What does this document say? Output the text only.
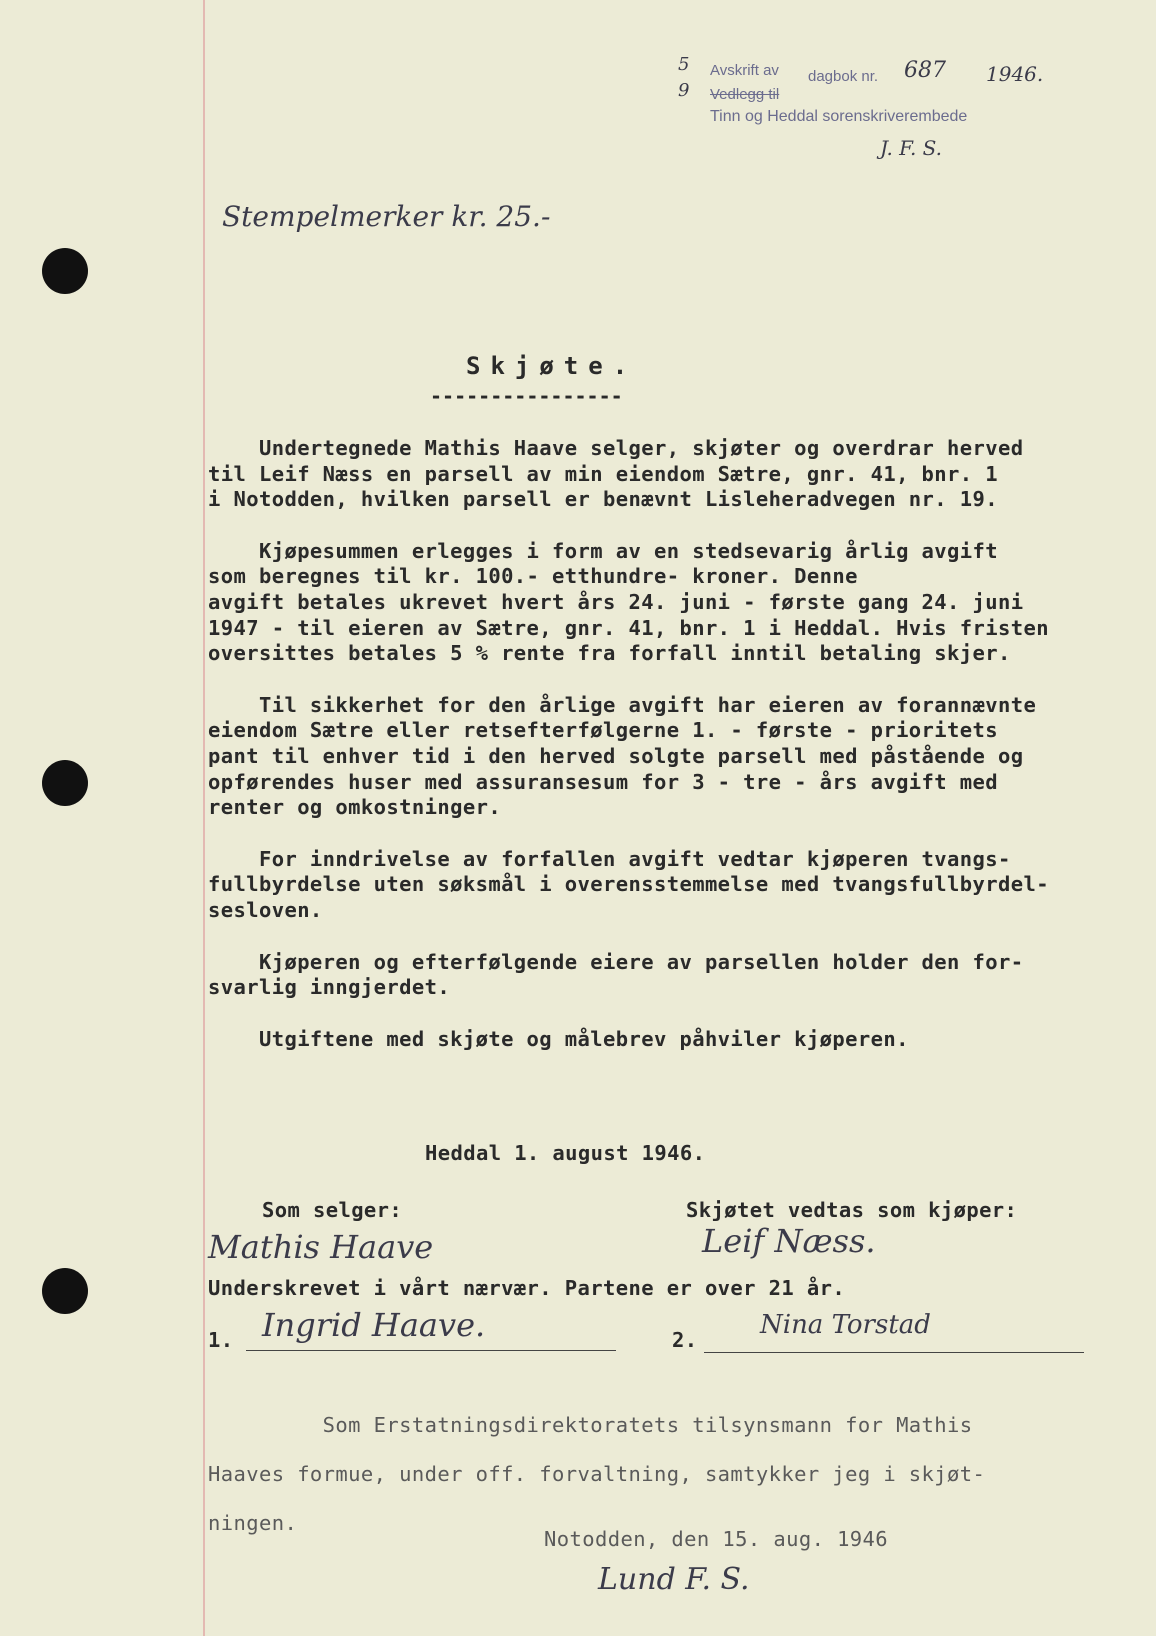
5
9
Avskrift av dagbok nr. 687 1946.
Vedlegg til
Tinn og Heddal sorenskriverembede
J. F. S.
Stempelmerker kr. 25.-
Skjøte.
----------------
Undertegnede Mathis Haave selger, skjøter og overdrar herved
til Leif Næss en parsell av min eiendom Sætre, gnr. 41, bnr. 1
i Notodden, hvilken parsell er benævnt Lisleheradvegen nr. 19.
Kjøpesummen erlegges i form av en stedsevarig årlig avgift
som beregnes til kr. 100.- etthundre- kroner. Denne
avgift betales ukrevet hvert års 24. juni - første gang 24. juni
1947 - til eieren av Sætre, gnr. 41, bnr. 1 i Heddal. Hvis fristen
oversittes betales 5 % rente fra forfall inntil betaling skjer.
Til sikkerhet for den årlige avgift har eieren av forannævnte
eiendom Sætre eller retsefterfølgerne 1. - første - prioritets
pant til enhver tid i den herved solgte parsell med påstående og
opførendes huser med assuransesum for 3 - tre - års avgift med
renter og omkostninger.
For inndrivelse av forfallen avgift vedtar kjøperen tvangs-
fullbyrdelse uten søksmål i overensstemmelse med tvangsfullbyrdel-
sesloven.
Kjøperen og efterfølgende eiere av parsellen holder den for-
svarlig inngjerdet.
Utgiftene med skjøte og målebrev påhviler kjøperen.
Heddal 1. august 1946.
Som selger:	Skjøtet vedtas som kjøper:
Mathis Haave	Leif Næss.
Underskrevet i vårt nærvær. Partene er over 21 år.
1. Ingrid Haave.	2. Nina Torstad
Som Erstatningsdirektoratets tilsynsmann for Mathis
Haaves formue, under off. forvaltning, samtykker jeg i skjøt-
ningen.
Notodden, den 15. aug. 1946
Lund F. S.
